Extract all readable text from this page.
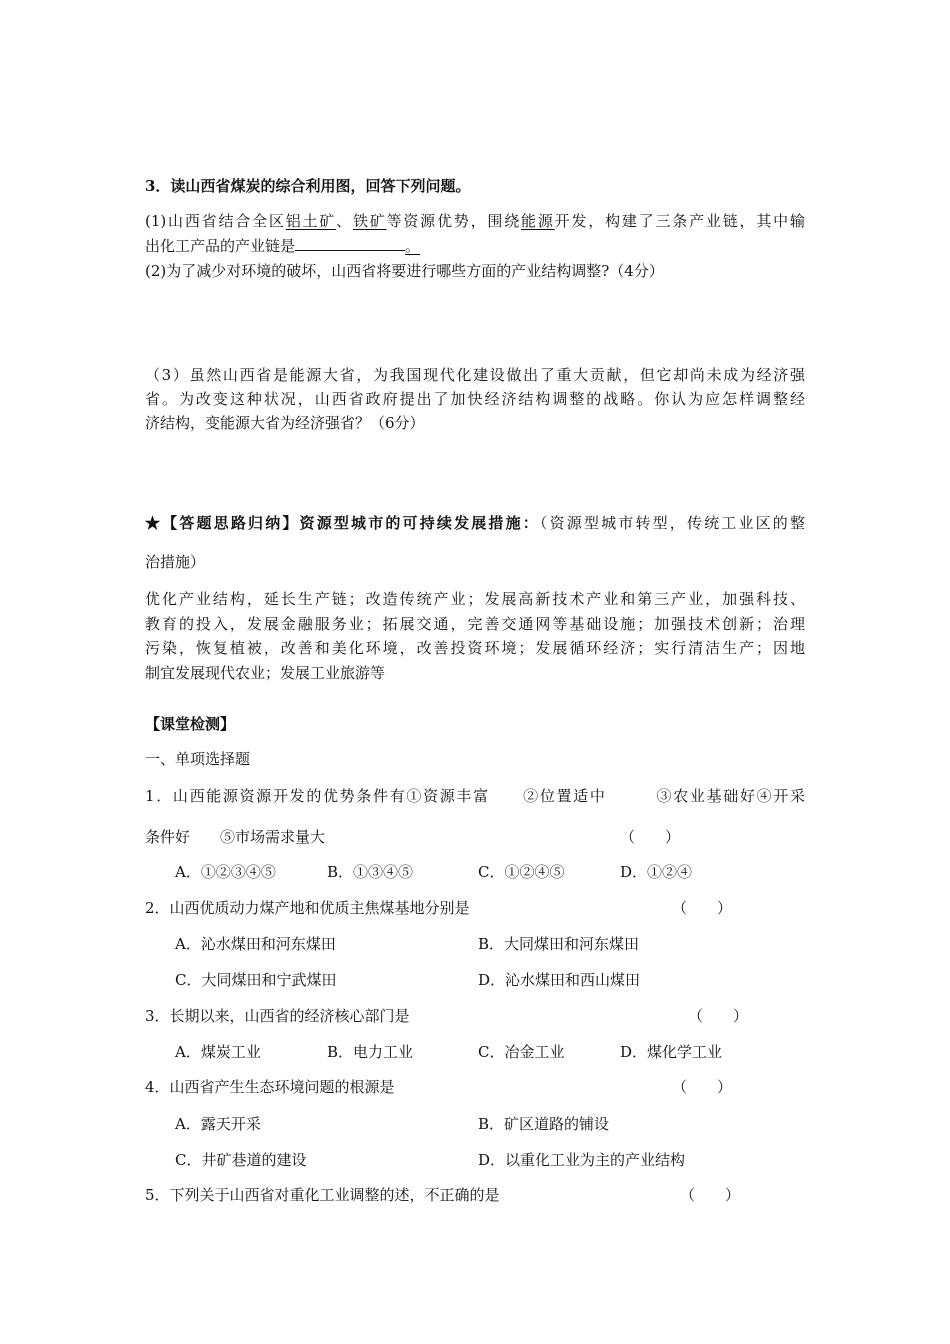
3．读山西省煤炭的综合利用图，回答下列问题。
(1)山西省结合全区铝土矿、铁矿等资源优势，围绕能源开发，构建了三条产业链，其中输
出化工产品的产业链是	。
(2)为了减少对环境的破坏，山西省将要进行哪些方面的产业结构调整?（4分）
（3）虽然山西省是能源大省，为我国现代化建设做出了重大贡献，但它却尚未成为经济强
省。为改变这种状况，山西省政府提出了加快经济结构调整的战略。你认为应怎样调整经
济结构，变能源大省为经济强省？（6分）
★【答题思路归纳】资源型城市的可持续发展措施：（资源型城市转型，传统工业区的整
治措施）
优化产业结构，延长生产链；改造传统产业；发展高新技术产业和第三产业，加强科技、
教育的投入，发展金融服务业；拓展交通，完善交通网等基础设施；加强技术创新；治理
污染，恢复植被，改善和美化环境，改善投资环境；发展循环经济；实行清洁生产；因地
制宜发展现代农业；发展工业旅游等
【课堂检测】
一、单项选择题
1．山西能源资源开发的优势条件有①资源丰富　　②位置适中　　　③农业基础好④开采
条件好　　⑤市场需求量大	（　　）
A．①②③④⑤	B．①③④⑤	C．①②④⑤	D．①②④
2．山西优质动力煤产地和优质主焦煤基地分别是	（　　）
A．沁水煤田和河东煤田	B．大同煤田和河东煤田
C．大同煤田和宁武煤田	D．沁水煤田和西山煤田
3．长期以来，山西省的经济核心部门是	（　　）
A．煤炭工业	B．电力工业	C．冶金工业	D．煤化学工业
4．山西省产生生态环境问题的根源是	（　　）
A．露天开采	B．矿区道路的铺设
C．井矿巷道的建设	D．以重化工业为主的产业结构
5．下列关于山西省对重化工业调整的述，不正确的是	（　　）
